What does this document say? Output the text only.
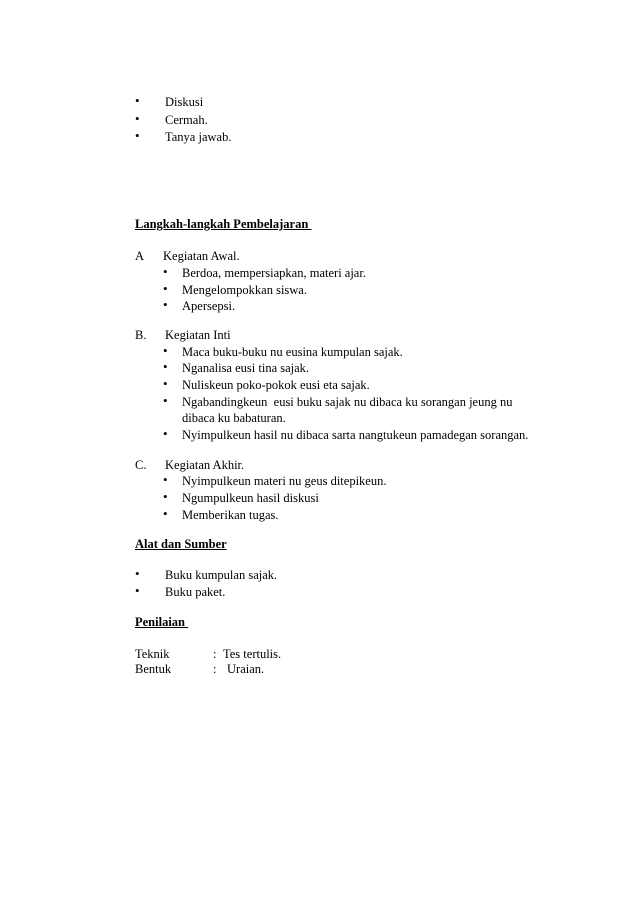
• Diskusi
• Cermah.
• Tanya jawab.
Langkah-langkah Pembelajaran
A Kegiatan Awal.
• Berdoa, mempersiapkan, materi ajar.
• Mengelompokkan siswa.
• Apersepsi.
B. Kegiatan Inti
• Maca buku-buku nu eusina kumpulan sajak.
• Nganalisa eusi tina sajak.
• Nuliskeun poko-pokok eusi eta sajak.
• Ngabandingkeun  eusi buku sajak nu dibaca ku sorangan jeung nu
dibaca ku babaturan.
• Nyimpulkeun hasil nu dibaca sarta nangtukeun pamadegan sorangan.
C. Kegiatan Akhir.
• Nyimpulkeun materi nu geus ditepikeun.
• Ngumpulkeun hasil diskusi
• Memberikan tugas.
Alat dan Sumber
• Buku kumpulan sajak.
• Buku paket.
Penilaian
Teknik	: Tes tertulis.
Bentuk	: Uraian.
